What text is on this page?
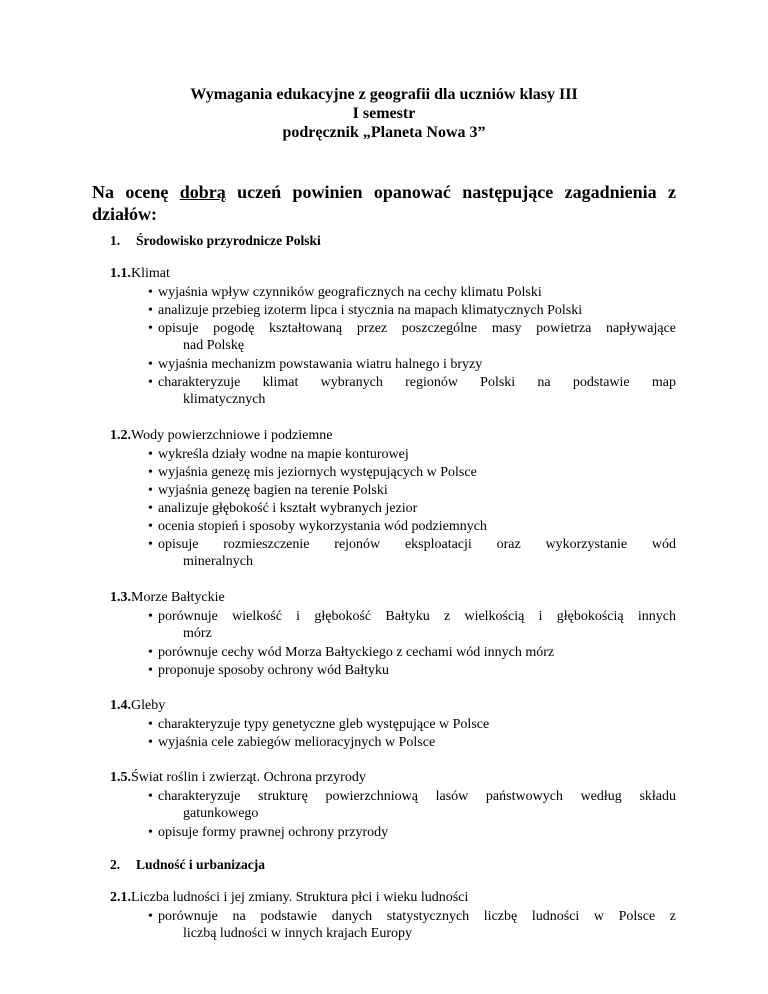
Wymagania edukacyjne z geografii dla uczniów klasy III
I semestr
podręcznik „Planeta Nowa 3”
Na ocenę dobrą uczeń powinien opanować następujące zagadnienia z
działów:
1. Środowisko przyrodnicze Polski
1.1.Klimat
• wyjaśnia wpływ czynników geograficznych na cechy klimatu Polski
• analizuje przebieg izoterm lipca i stycznia na mapach klimatycznych Polski
• opisuje pogodę kształtowaną przez poszczególne masy powietrza napływające
nad Polskę
• wyjaśnia mechanizm powstawania wiatru halnego i bryzy
• charakteryzuje klimat wybranych regionów Polski na podstawie map
klimatycznych
1.2.Wody powierzchniowe i podziemne
• wykreśla działy wodne na mapie konturowej
• wyjaśnia genezę mis jeziornych występujących w Polsce
• wyjaśnia genezę bagien na terenie Polski
• analizuje głębokość i kształt wybranych jezior
• ocenia stopień i sposoby wykorzystania wód podziemnych
• opisuje rozmieszczenie rejonów eksploatacji oraz wykorzystanie wód
mineralnych
1.3.Morze Bałtyckie
• porównuje wielkość i głębokość Bałtyku z wielkością i głębokością innych
mórz
• porównuje cechy wód Morza Bałtyckiego z cechami wód innych mórz
• proponuje sposoby ochrony wód Bałtyku
1.4.Gleby
• charakteryzuje typy genetyczne gleb występujące w Polsce
• wyjaśnia cele zabiegów melioracyjnych w Polsce
1.5.Świat roślin i zwierząt. Ochrona przyrody
• charakteryzuje strukturę powierzchniową lasów państwowych według składu
gatunkowego
• opisuje formy prawnej ochrony przyrody
2. Ludność i urbanizacja
2.1.Liczba ludności i jej zmiany. Struktura płci i wieku ludności
• porównuje na podstawie danych statystycznych liczbę ludności w Polsce z
liczbą ludności w innych krajach Europy
